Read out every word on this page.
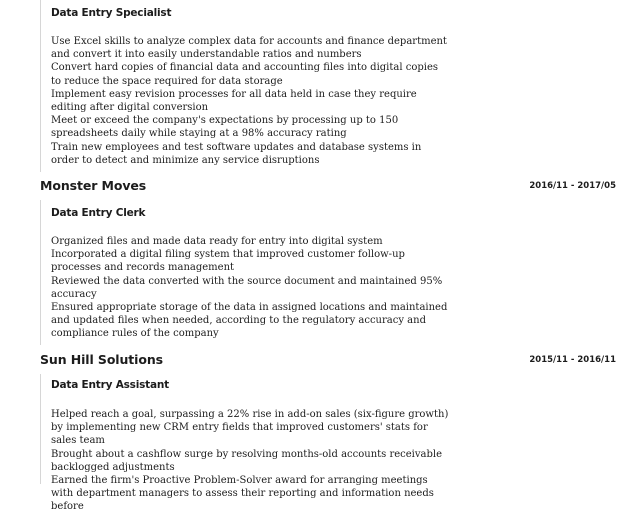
Data Entry Specialist
Use Excel skills to analyze complex data for accounts and finance department and convert it into easily understandable ratios and numbers
Convert hard copies of financial data and accounting files into digital copies to reduce the space required for data storage
Implement easy revision processes for all data held in case they require editing after digital conversion
Meet or exceed the company's expectations by processing up to 150 spreadsheets daily while staying at a 98% accuracy rating
Train new employees and test software updates and database systems in order to detect and minimize any service disruptions
Monster Moves	2016/11 - 2017/05
Data Entry Clerk
Organized files and made data ready for entry into digital system
Incorporated a digital filing system that improved customer follow-up processes and records management
Reviewed the data converted with the source document and maintained 95% accuracy
Ensured appropriate storage of the data in assigned locations and maintained and updated files when needed, according to the regulatory accuracy and compliance rules of the company
Sun Hill Solutions	2015/11 - 2016/11
Data Entry Assistant
Helped reach a goal, surpassing a 22% rise in add-on sales (six-figure growth) by implementing new CRM entry fields that improved customers' stats for sales team
Brought about a cashflow surge by resolving months-old accounts receivable backlogged adjustments
Earned the firm's Proactive Problem-Solver award for arranging meetings with department managers to assess their reporting and information needs before
